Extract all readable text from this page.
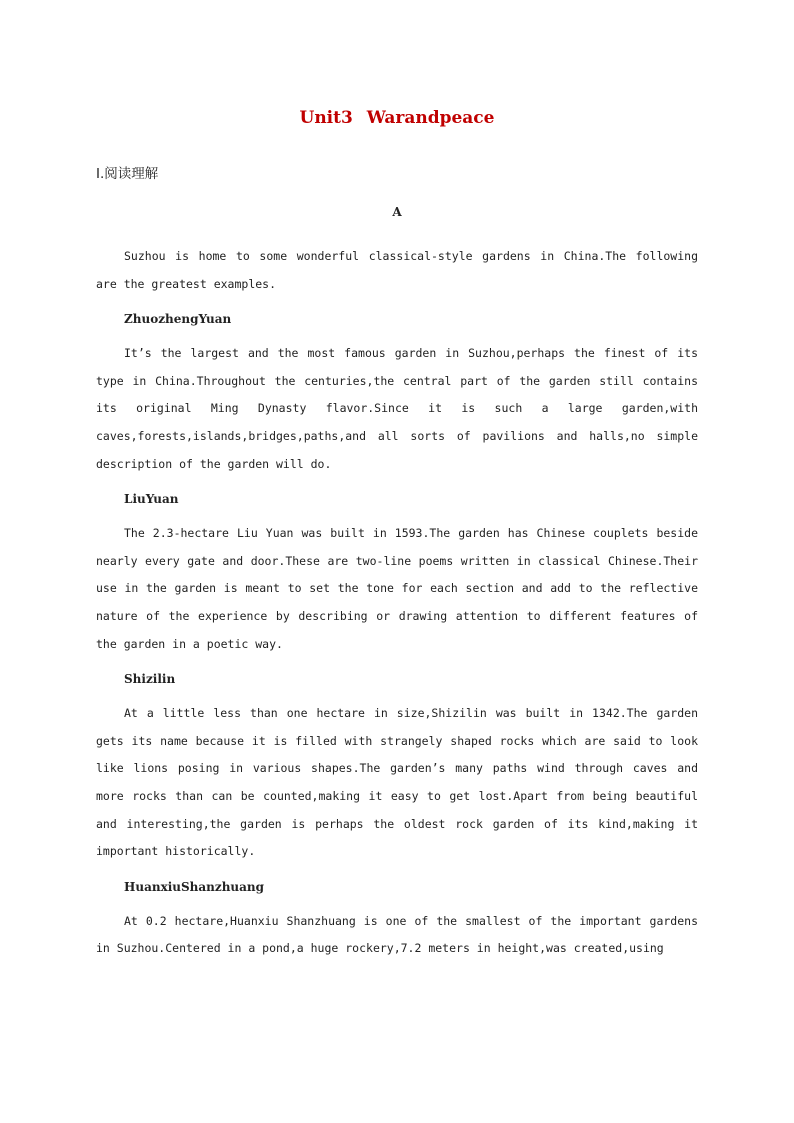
Unit3 Warandpeace
Ⅰ.阅读理解
A

Suzhou is home to some wonderful classical-style gardens in China.The following are the greatest examples.

ZhuozhengYuan

It’s the largest and the most famous garden in Suzhou,perhaps the finest of its type in China.Throughout the centuries,the central part of the garden still contains its original Ming Dynasty flavor.Since it is such a large garden,with caves,forests,islands,bridges,paths,and all sorts of pavilions and halls,no simple description of the garden will do.

LiuYuan

The 2.3-hectare Liu Yuan was built in 1593.The garden has Chinese couplets beside nearly every gate and door.These are two-line poems written in classical Chinese.Their use in the garden is meant to set the tone for each section and add to the reflective nature of the experience by describing or drawing attention to different features of the garden in a poetic way.

Shizilin

At a little less than one hectare in size,Shizilin was built in 1342.The garden gets its name because it is filled with strangely shaped rocks which are said to look like lions posing in various shapes.The garden’s many paths wind through caves and more rocks than can be counted,making it easy to get lost.Apart from being beautiful and interesting,the garden is perhaps the oldest rock garden of its kind,making it important historically.

HuanxiuShanzhuang

At 0.2 hectare,Huanxiu Shanzhuang is one of the smallest of the important gardens in Suzhou.Centered in a pond,a huge rockery,7.2 meters in height,was created,using
